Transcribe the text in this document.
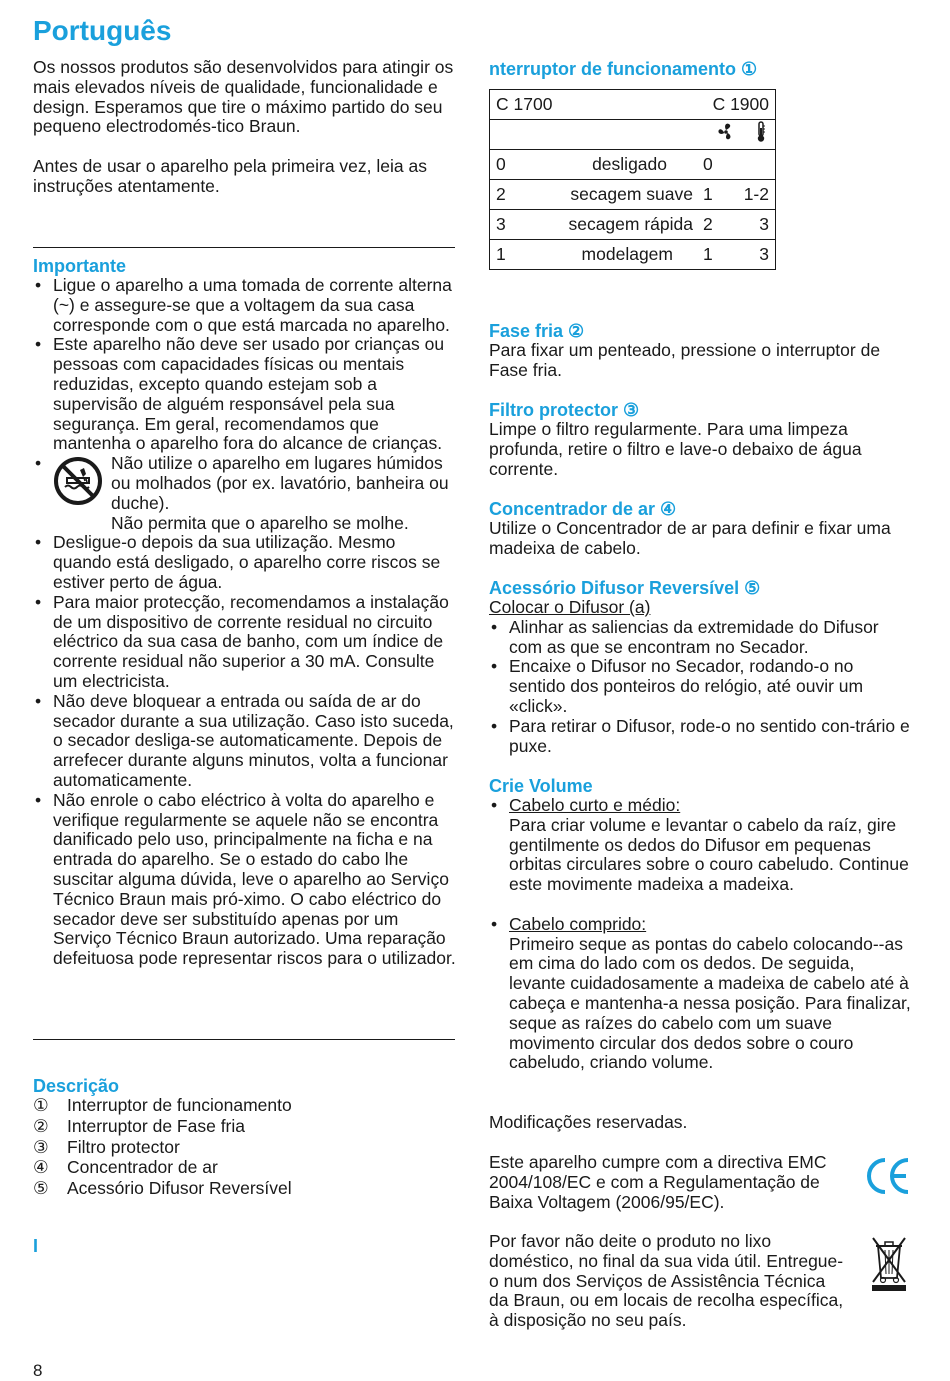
Português

Os nossos produtos são desenvolvidos para atingir os mais elevados níveis de qualidade, funcionalidade e design. Esperamos que tire o máximo partido do seu pequeno electrodomés-tico Braun.

Antes de usar o aparelho pela primeira vez, leia as instruções atentamente.

Importante
• Ligue o aparelho a uma tomada de corrente alterna (~) e assegure-se que a voltagem da sua casa corresponde com o que está marcada no aparelho.
• Este aparelho não deve ser usado por crianças ou pessoas com capacidades físicas ou mentais reduzidas, excepto quando estejam sob a supervisão de alguém responsável pela sua segurança. Em geral, recomendamos que mantenha o aparelho fora do alcance de crianças.
• Não utilize o aparelho em lugares húmidos ou molhados (por ex. lavatório, banheira ou duche).
Não permita que o aparelho se molhe.
• Desligue-o depois da sua utilização. Mesmo quando está desligado, o aparelho corre riscos se estiver perto de água.
• Para maior protecção, recomendamos a instalação de um dispositivo de corrente residual no circuito eléctrico da sua casa de banho, com um índice de corrente residual não superior a 30 mA. Consulte um electricista.
• Não deve bloquear a entrada ou saída de ar do secador durante a sua utilização. Caso isto suceda, o secador desliga-se automaticamente. Depois de arrefecer durante alguns minutos, volta a funcionar automaticamente.
• Não enrole o cabo eléctrico à volta do aparelho e verifique regularmente se aquele não se encontra danificado pelo uso, principalmente na ficha e na entrada do aparelho. Se o estado do cabo lhe suscitar alguma dúvida, leve o aparelho ao Serviço Técnico Braun mais pró-ximo. O cabo eléctrico do secador deve ser substituído apenas por um Serviço Técnico Braun autorizado. Uma reparação defeituosa pode representar riscos para o utilizador.
Descrição
① Interruptor de funcionamento
② Interruptor de Fase fria
③ Filtro protector
④ Concentrador de ar
⑤ Acessório Difusor Reversível
I
8
nterruptor de funcionamento ①
C 1700		C 1900	

0	desligado	0	
2	secagem suave	1	1-2
3	secagem rápida	2	3
1	modelagem	1	3
Fase fria ②

Para fixar um penteado, pressione o interruptor de Fase fria.

Filtro protector ③

Limpe o filtro regularmente. Para uma limpeza profunda, retire o filtro e lave-o debaixo de água corrente.

Concentrador de ar ④

Utilize o Concentrador de ar para definir e fixar uma madeixa de cabelo.

Acessório Difusor Reversível ⑤
Colocar o Difusor (a)
• Alinhar as saliencias da extremidade do Difusor com as que se encontram no Secador.
• Encaixe o Difusor no Secador, rodando-o no sentido dos ponteiros do relógio, até ouvir um «click».
• Para retirar o Difusor, rode-o no sentido con-trário e puxe.
Crie Volume
• Cabelo curto e médio:
Para criar volume e levantar o cabelo da raíz, gire gentilmente os dedos do Difusor em pequenas orbitas circulares sobre o couro cabeludo. Continue este movimente madeixa a madeixa.
• Cabelo comprido:
Primeiro seque as pontas do cabelo colocando--as em cima do lado com os dedos. De seguida, levante cuidadosamente a madeixa de cabelo até à cabeça e mantenha-a nessa posição. Para finalizar, seque as raízes do cabelo com um suave movimento circular dos dedos sobre o couro cabeludo, criando volume.
Modificações reservadas.
Este aparelho cumpre com a directiva EMC 2004/108/EC e com a Regulamentação de Baixa Voltagem (2006/95/EC).
Por favor não deite o produto no lixo doméstico, no final da sua vida útil. Entregue-o num dos Serviços de Assistência Técnica da Braun, ou em locais de recolha específica, à disposição no seu país.
